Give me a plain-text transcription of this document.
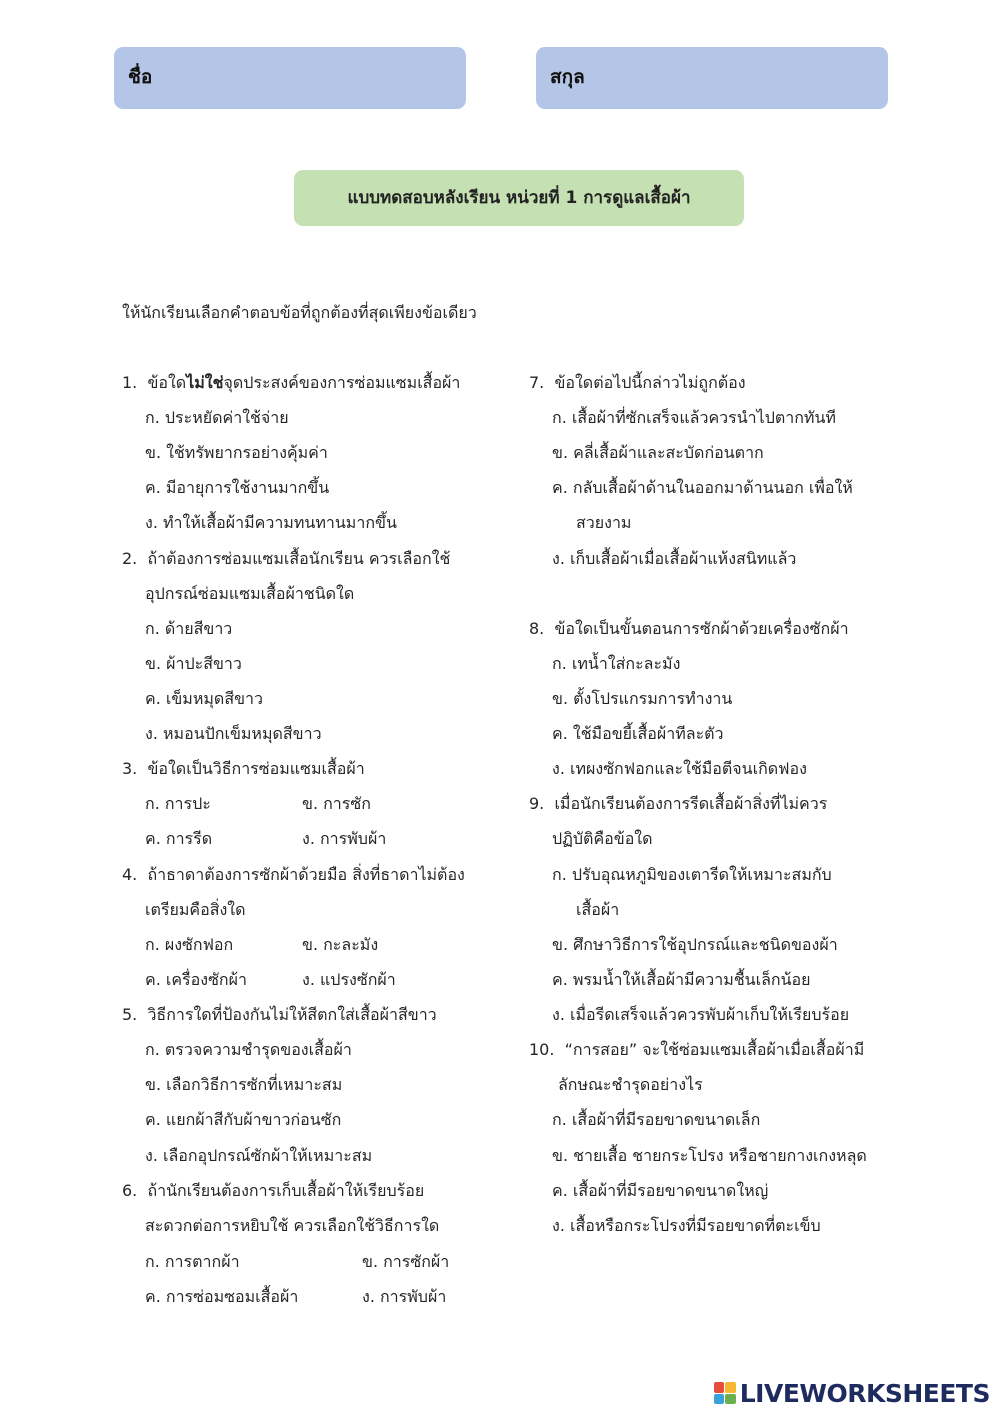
ชื่อ	สกุล
แบบทดสอบหลังเรียน หน่วยที่ 1 การดูแลเสื้อผ้า
ให้นักเรียนเลือกคำตอบข้อที่ถูกต้องที่สุดเพียงข้อเดียว
1. ข้อใดไม่ใช่จุดประสงค์ของการซ่อมแซมเสื้อผ้า
ก. ประหยัดค่าใช้จ่าย
ข. ใช้ทรัพยากรอย่างคุ้มค่า
ค. มีอายุการใช้งานมากขึ้น
ง. ทำให้เสื้อผ้ามีความทนทานมากขึ้น
2. ถ้าต้องการซ่อมแซมเสื้อนักเรียน ควรเลือกใช้
อุปกรณ์ซ่อมแซมเสื้อผ้าชนิดใด
ก. ด้ายสีขาว
ข. ผ้าปะสีขาว
ค. เข็มหมุดสีขาว
ง. หมอนปักเข็มหมุดสีขาว
3. ข้อใดเป็นวิธีการซ่อมแซมเสื้อผ้า
ก. การปะ	ข. การซัก
ค. การรีด	ง. การพับผ้า
4. ถ้าธาดาต้องการซักผ้าด้วยมือ สิ่งที่ธาดาไม่ต้อง
เตรียมคือสิ่งใด
ก. ผงซักฟอก	ข. กะละมัง
ค. เครื่องซักผ้า	ง. แปรงซักผ้า
5. วิธีการใดที่ป้องกันไม่ให้สีตกใส่เสื้อผ้าสีขาว
ก. ตรวจความชำรุดของเสื้อผ้า
ข. เลือกวิธีการซักที่เหมาะสม
ค. แยกผ้าสีกับผ้าขาวก่อนซัก
ง. เลือกอุปกรณ์ซักผ้าให้เหมาะสม
6. ถ้านักเรียนต้องการเก็บเสื้อผ้าให้เรียบร้อย
สะดวกต่อการหยิบใช้ ควรเลือกใช้วิธีการใด
ก. การตากผ้า	ข. การซักผ้า
ค. การซ่อมซอมเสื้อผ้า	ง. การพับผ้า
7. ข้อใดต่อไปนี้กล่าวไม่ถูกต้อง
ก. เสื้อผ้าที่ซักเสร็จแล้วควรนำไปตากทันที
ข. คลี่เสื้อผ้าและสะบัดก่อนตาก
ค. กลับเสื้อผ้าด้านในออกมาด้านนอก เพื่อให้
สวยงาม
ง. เก็บเสื้อผ้าเมื่อเสื้อผ้าแห้งสนิทแล้ว
8. ข้อใดเป็นขั้นตอนการซักผ้าด้วยเครื่องซักผ้า
ก. เทน้ำใส่กะละมัง
ข. ตั้งโปรแกรมการทำงาน
ค. ใช้มือขยี้เสื้อผ้าทีละตัว
ง. เทผงซักฟอกและใช้มือตีจนเกิดฟอง
9. เมื่อนักเรียนต้องการรีดเสื้อผ้าสิ่งที่ไม่ควร
ปฏิบัติคือข้อใด
ก. ปรับอุณหภูมิของเตารีดให้เหมาะสมกับ
เสื้อผ้า
ข. ศึกษาวิธีการใช้อุปกรณ์และชนิดของผ้า
ค. พรมน้ำให้เสื้อผ้ามีความชื้นเล็กน้อย
ง. เมื่อรีดเสร็จแล้วควรพับผ้าเก็บให้เรียบร้อย
10. “การสอย” จะใช้ซ่อมแซมเสื้อผ้าเมื่อเสื้อผ้ามี
ลักษณะชำรุดอย่างไร
ก. เสื้อผ้าที่มีรอยขาดขนาดเล็ก
ข. ชายเสื้อ ชายกระโปรง หรือชายกางเกงหลุด
ค. เสื้อผ้าที่มีรอยขาดขนาดใหญ่
ง. เสื้อหรือกระโปรงที่มีรอยขาดที่ตะเข็บ
LIVEWORKSHEETS
